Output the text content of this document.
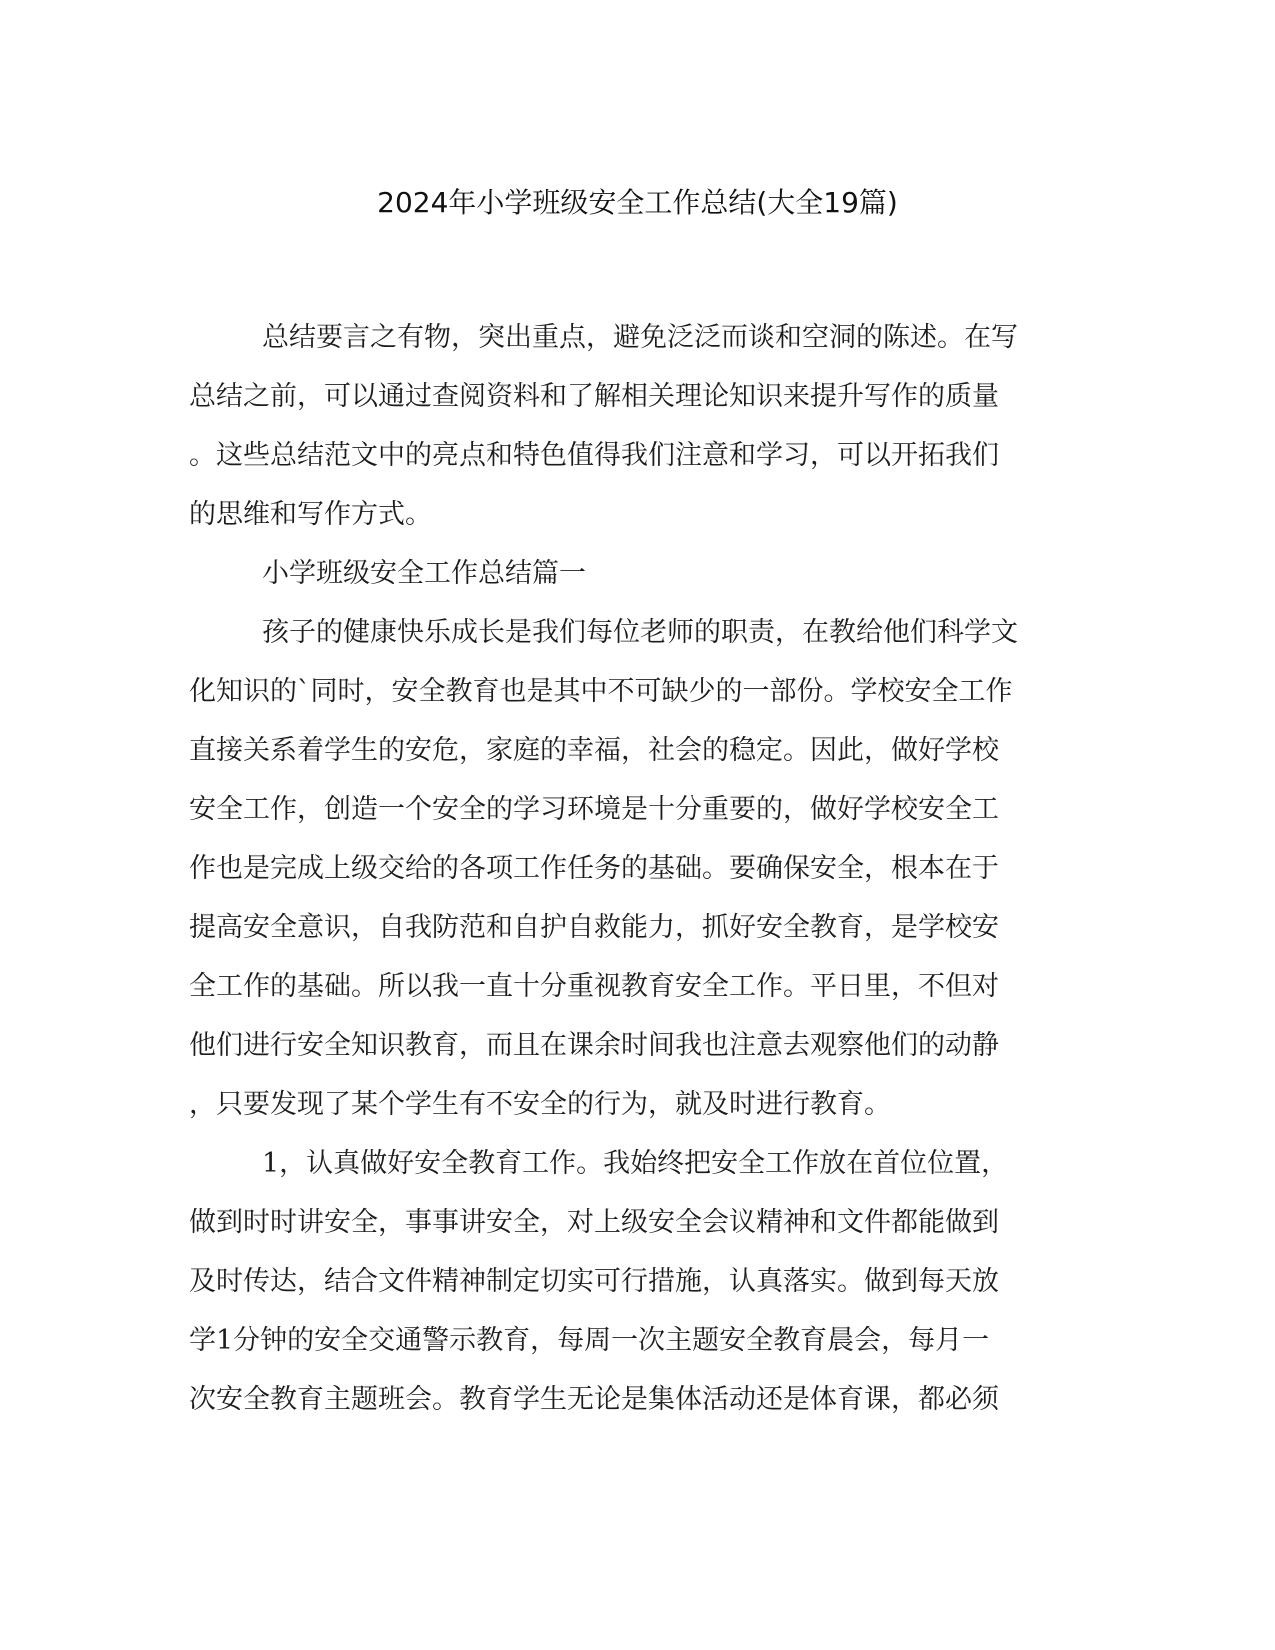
2024年小学班级安全工作总结(大全19篇)

总结要言之有物，突出重点，避免泛泛而谈和空洞的陈述。在写

总结之前，可以通过查阅资料和了解相关理论知识来提升写作的质量

。这些总结范文中的亮点和特色值得我们注意和学习，可以开拓我们

的思维和写作方式。

小学班级安全工作总结篇一

孩子的健康快乐成长是我们每位老师的职责，在教给他们科学文

化知识的`同时，安全教育也是其中不可缺少的一部份。学校安全工作

直接关系着学生的安危，家庭的幸福，社会的稳定。因此，做好学校

安全工作，创造一个安全的学习环境是十分重要的，做好学校安全工

作也是完成上级交给的各项工作任务的基础。要确保安全，根本在于

提高安全意识，自我防范和自护自救能力，抓好安全教育，是学校安

全工作的基础。所以我一直十分重视教育安全工作。平日里，不但对

他们进行安全知识教育，而且在课余时间我也注意去观察他们的动静

，只要发现了某个学生有不安全的行为，就及时进行教育。

1，认真做好安全教育工作。我始终把安全工作放在首位位置，

做到时时讲安全，事事讲安全，对上级安全会议精神和文件都能做到

及时传达，结合文件精神制定切实可行措施，认真落实。做到每天放

学1分钟的安全交通警示教育，每周一次主题安全教育晨会，每月一

次安全教育主题班会。教育学生无论是集体活动还是体育课，都必须
